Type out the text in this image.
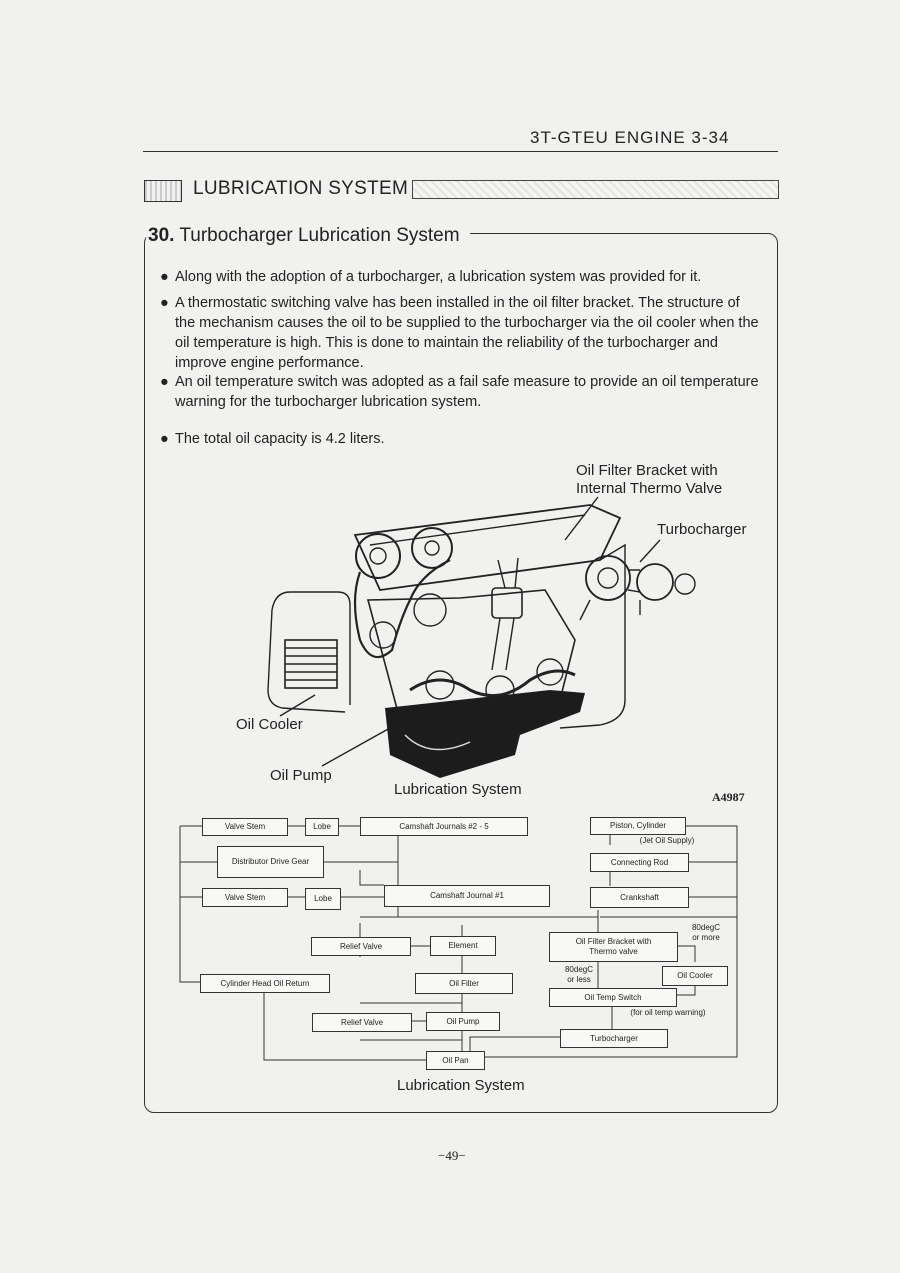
3T-GTEU ENGINE 3-34
LUBRICATION SYSTEM
30. Turbocharger Lubrication System
● Along with the adoption of a turbocharger, a lubrication system was provided for it.
● A thermostatic switching valve has been installed in the oil filter bracket. The structure of the mechanism causes the oil to be supplied to the turbocharger via the oil cooler when the oil temperature is high. This is done to maintain the reliability of the turbocharger and improve engine performance.
● An oil temperature switch was adopted as a fail safe measure to provide an oil temperature warning for the turbocharger lubrication system.
● The total oil capacity is 4.2 liters.
Oil Filter Bracket with
Internal Thermo Valve
Turbocharger
Oil Cooler
Oil Pump
Lubrication System	A4987
Valve Stem	Lobe	Camshaft Journals #2 - 5
Distributor Drive Gear
Valve Stem	Lobe	Camshaft Journal #1
Piston, Cylinder
(Jet Oil Supply)
Connecting Rod
Crankshaft
Relief Valve	Element	Oil Filter Bracket with
Thermo valve
80degC
or more
80degC
or less	Oil Cooler
Cylinder Head Oil Return	Oil Filter
Oil Temp Switch
(for oil temp warning)
Relief Valve	Oil Pump
Turbocharger
Oil Pan
Lubrication System
−49−
